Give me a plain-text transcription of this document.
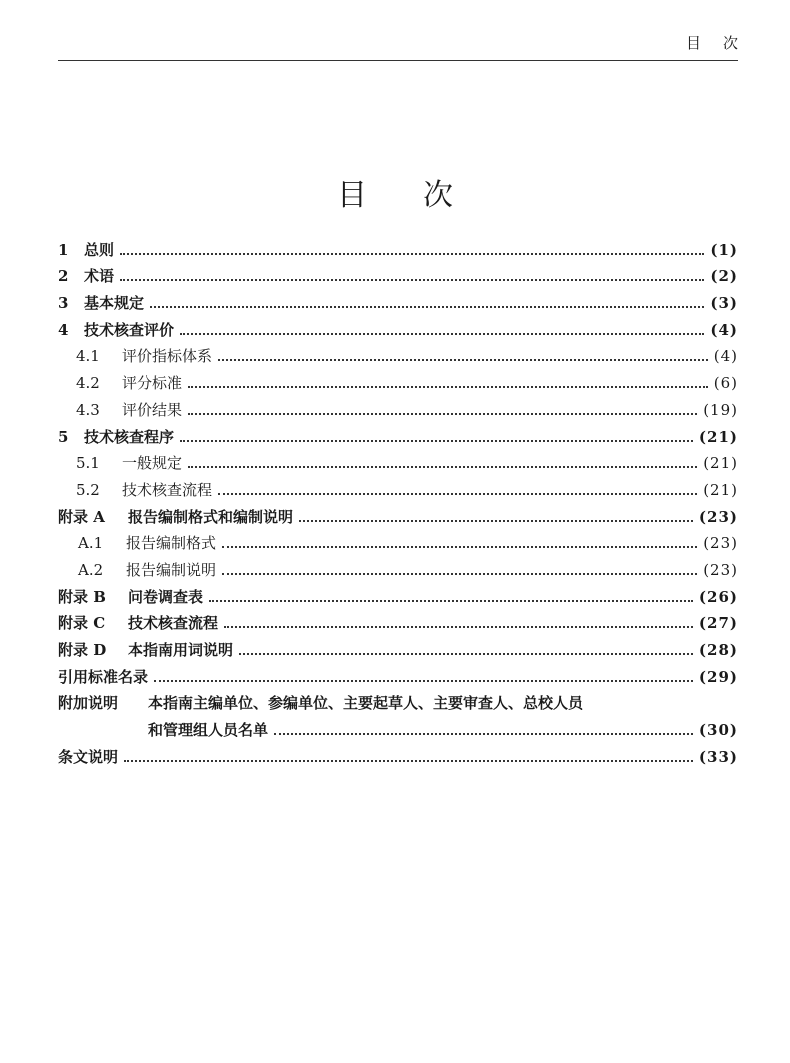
目 次
目 次
1	总则	(1)
2	术语	(2)
3	基本规定	(3)
4	技术核查评价	(4)
4.1	评价指标体系	(4)
4.2	评分标准	(6)
4.3	评价结果	(19)
5	技术核查程序	(21)
5.1	一般规定	(21)
5.2	技术核查流程	(21)
附录 A	报告编制格式和编制说明	(23)
A.1	报告编制格式	(23)
A.2	报告编制说明	(23)
附录 B	问卷调查表	(26)
附录 C	技术核查流程	(27)
附录 D	本指南用词说明	(28)
引用标准名录	(29)
附加说明	本指南主编单位、参编单位、主要起草人、主要审查人、总校人员
和管理组人员名单	(30)
条文说明	(33)
